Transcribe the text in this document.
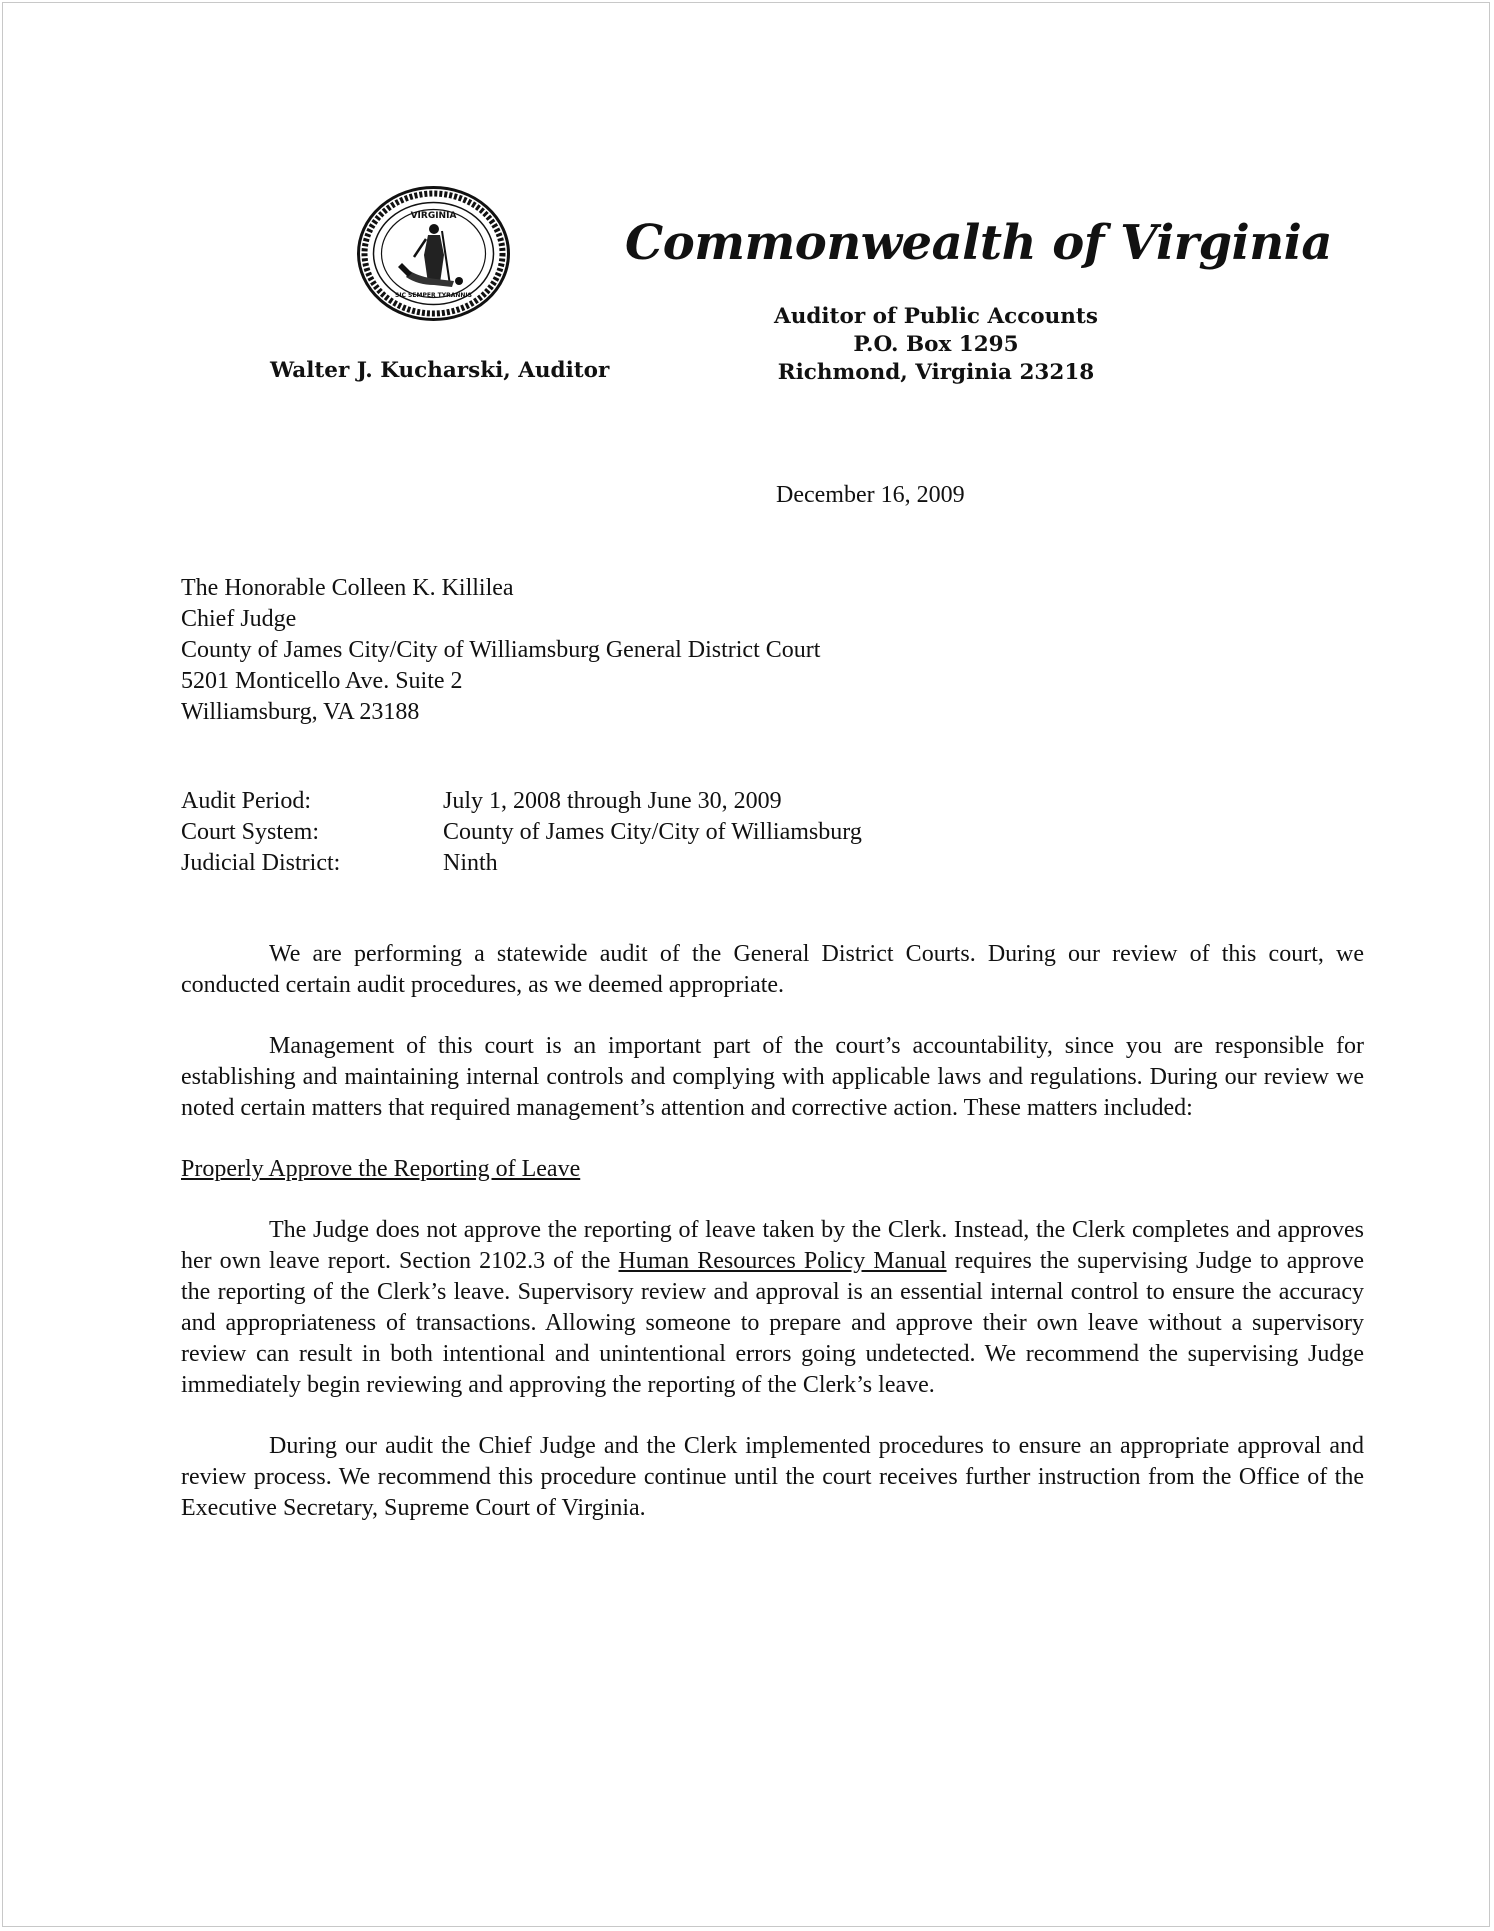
VIRGINIA
SIC SEMPER TYRANNIS
Commonwealth of Virginia
Auditor of Public Accounts
P.O. Box 1295
Richmond, Virginia 23218
Walter J. Kucharski, Auditor
December 16, 2009
The Honorable Colleen K. Killilea
Chief Judge
County of James City/City of Williamsburg General District Court
5201 Monticello Ave. Suite 2
Williamsburg, VA 23188
Audit Period:	July 1, 2008 through June 30, 2009
Court System:	County of James City/City of Williamsburg
Judicial District:	Ninth

We are performing a statewide audit of the General District Courts. During our review of this court, we conducted certain audit procedures, as we deemed appropriate.

Management of this court is an important part of the court’s accountability, since you are responsible for establishing and maintaining internal controls and complying with applicable laws and regulations. During our review we noted certain matters that required management’s attention and corrective action. These matters included:

Properly Approve the Reporting of Leave

The Judge does not approve the reporting of leave taken by the Clerk. Instead, the Clerk completes and approves her own leave report. Section 2102.3 of the Human Resources Policy Manual requires the supervising Judge to approve the reporting of the Clerk’s leave. Supervisory review and approval is an essential internal control to ensure the accuracy and appropriateness of transactions. Allowing someone to prepare and approve their own leave without a supervisory review can result in both intentional and unintentional errors going undetected. We recommend the supervising Judge immediately begin reviewing and approving the reporting of the Clerk’s leave.

During our audit the Chief Judge and the Clerk implemented procedures to ensure an appropriate approval and review process. We recommend this procedure continue until the court receives further instruction from the Office of the Executive Secretary, Supreme Court of Virginia.
